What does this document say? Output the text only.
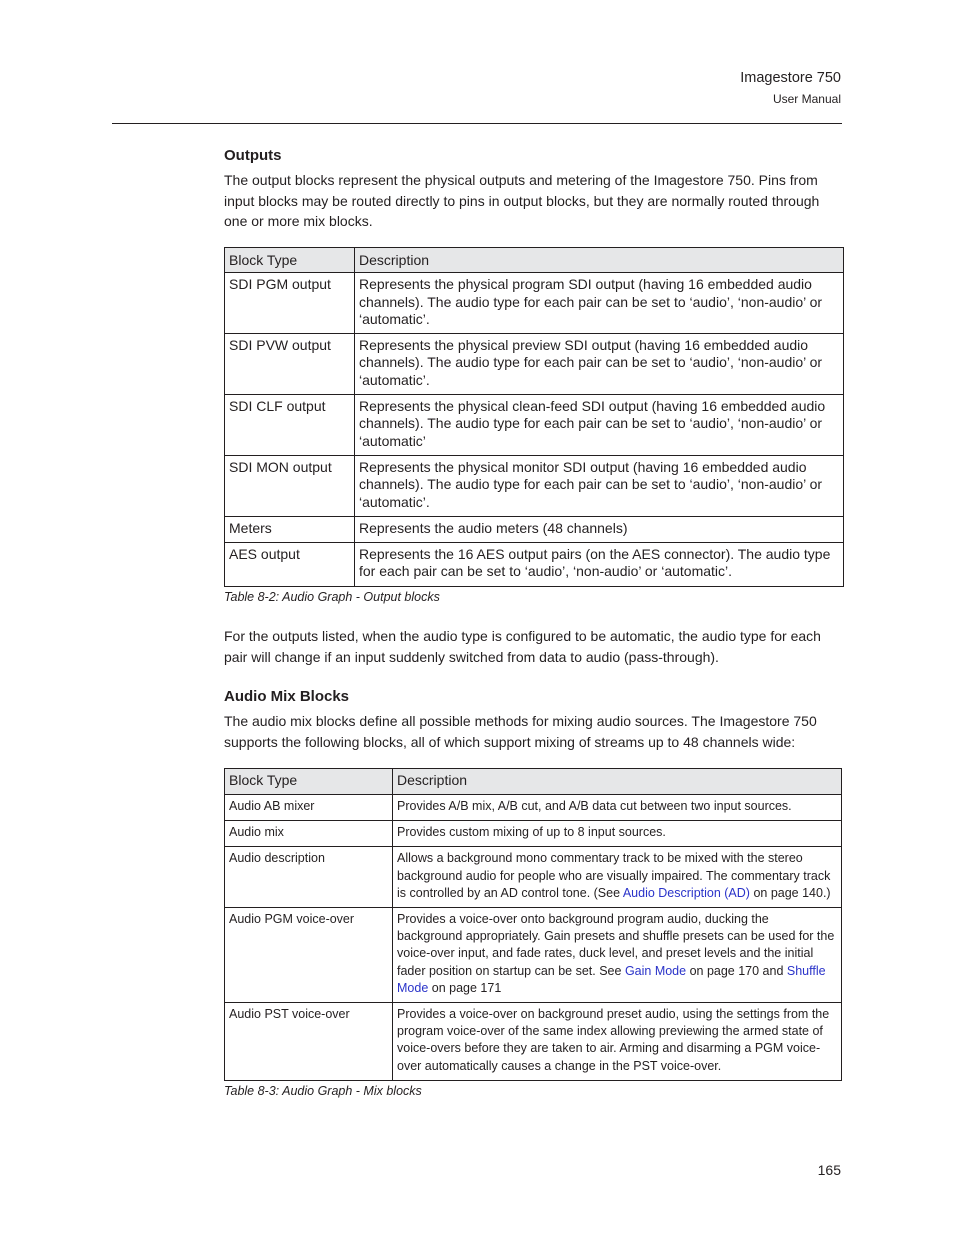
Imagestore 750
User Manual
Outputs

The output blocks represent the physical outputs and metering of the Imagestore 750. Pins from input blocks may be routed directly to pins in output blocks, but they are normally routed through one or more mix blocks.

Block Type	Description
SDI PGM output	Represents the physical program SDI output (having 16 embedded audio channels). The audio type for each pair can be set to ‘audio’, ‘non-audio’ or ‘automatic’.
SDI PVW output	Represents the physical preview SDI output (having 16 embedded audio channels). The audio type for each pair can be set to ‘audio’, ‘non-audio’ or ‘automatic’.
SDI CLF output	Represents the physical clean-feed SDI output (having 16 embedded audio channels). The audio type for each pair can be set to ‘audio’, ‘non-audio’ or ‘automatic’
SDI MON output	Represents the physical monitor SDI output (having 16 embedded audio channels). The audio type for each pair can be set to ‘audio’, ‘non-audio’ or ‘automatic’.
Meters	Represents the audio meters (48 channels)
AES output	Represents the 16 AES output pairs (on the AES connector). The audio type for each pair can be set to ‘audio’, ‘non-audio’ or ‘automatic’.
Table 8-2: Audio Graph - Output blocks

For the outputs listed, when the audio type is configured to be automatic, the audio type for each pair will change if an input suddenly switched from data to audio (pass-through).

Audio Mix Blocks

The audio mix blocks define all possible methods for mixing audio sources. The Imagestore 750 supports the following blocks, all of which support mixing of streams up to 48 channels wide:

Block Type	Description
Audio AB mixer	Provides A/B mix, A/B cut, and A/B data cut between two input sources.
Audio mix	Provides custom mixing of up to 8 input sources.
Audio description	Allows a background mono commentary track to be mixed with the stereo background audio for people who are visually impaired. The commentary track is controlled by an AD control tone. (See Audio Description (AD) on page 140.)
Audio PGM voice-over	Provides a voice-over onto background program audio, ducking the background appropriately. Gain presets and shuffle presets can be used for the voice-over input, and fade rates, duck level, and preset levels and the initial fader position on startup can be set. See Gain Mode on page 170 and Shuffle Mode on page 171
Audio PST voice-over	Provides a voice-over on background preset audio, using the settings from the program voice-over of the same index allowing previewing the armed state of voice-overs before they are taken to air. Arming and disarming a PGM voice-over automatically causes a change in the PST voice-over.
Table 8-3: Audio Graph - Mix blocks
165
